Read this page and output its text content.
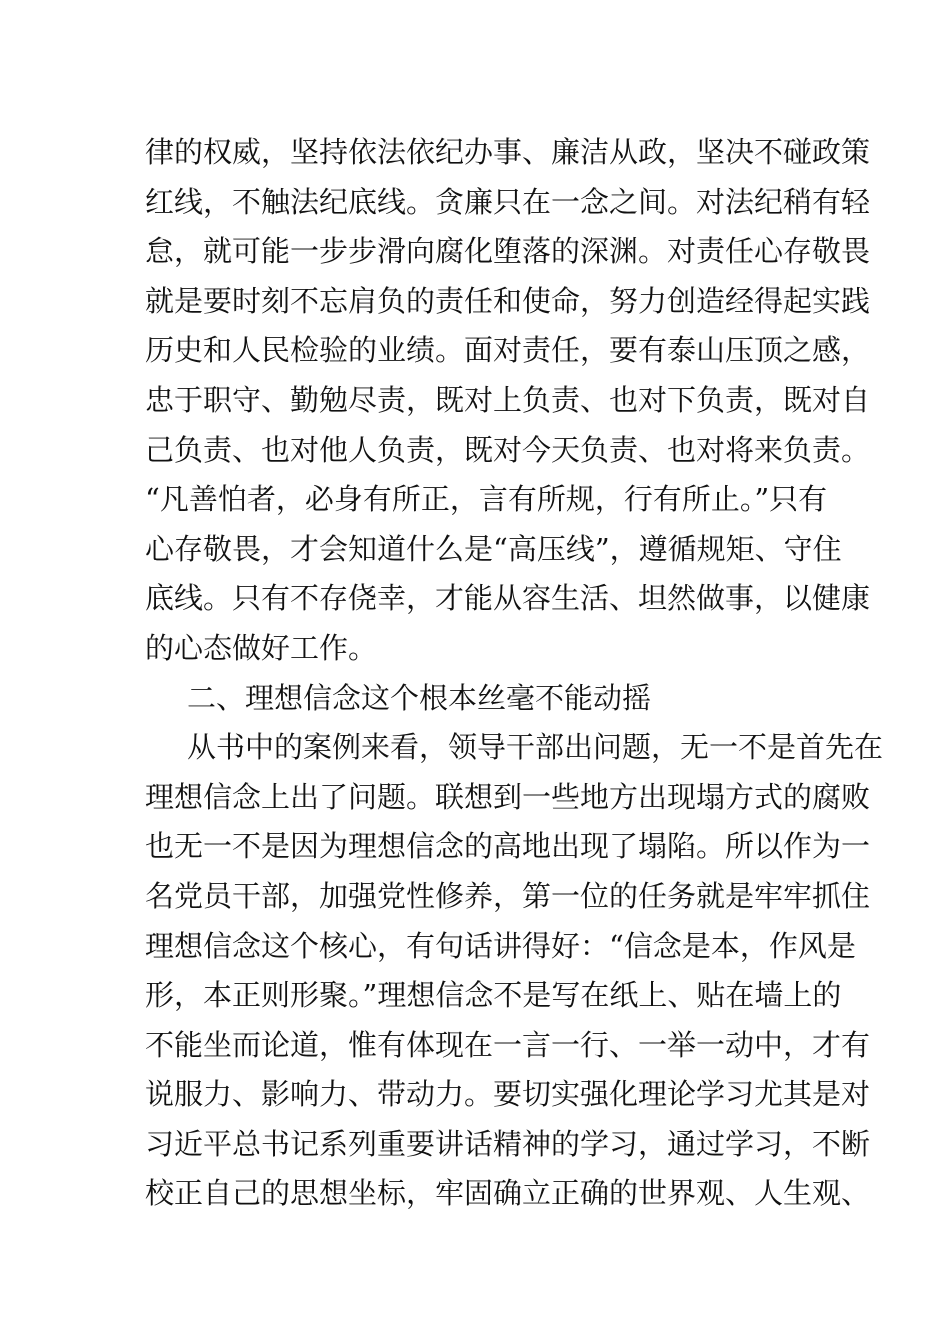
律的权威，坚持依法依纪办事、廉洁从政，坚决不碰政策
红线，不触法纪底线。贪廉只在一念之间。对法纪稍有轻
怠，就可能一步步滑向腐化堕落的深渊。对责任心存敬畏
就是要时刻不忘肩负的责任和使命，努力创造经得起实践
历史和人民检验的业绩。面对责任，要有泰山压顶之感，
忠于职守、勤勉尽责，既对上负责、也对下负责，既对自
己负责、也对他人负责，既对今天负责、也对将来负责。
“凡善怕者，必身有所正，言有所规，行有所止。”只有
心存敬畏，才会知道什么是“高压线”，遵循规矩、守住
底线。只有不存侥幸，才能从容生活、坦然做事，以健康
的心态做好工作。
二、理想信念这个根本丝毫不能动摇
从书中的案例来看，领导干部出问题，无一不是首先在
理想信念上出了问题。联想到一些地方出现塌方式的腐败
也无一不是因为理想信念的高地出现了塌陷。所以作为一
名党员干部，加强党性修养，第一位的任务就是牢牢抓住
理想信念这个核心，有句话讲得好：“信念是本，作风是
形，本正则形聚。”理想信念不是写在纸上、贴在墙上的
不能坐而论道，惟有体现在一言一行、一举一动中，才有
说服力、影响力、带动力。要切实强化理论学习尤其是对
习近平总书记系列重要讲话精神的学习，通过学习，不断
校正自己的思想坐标，牢固确立正确的世界观、人生观、
